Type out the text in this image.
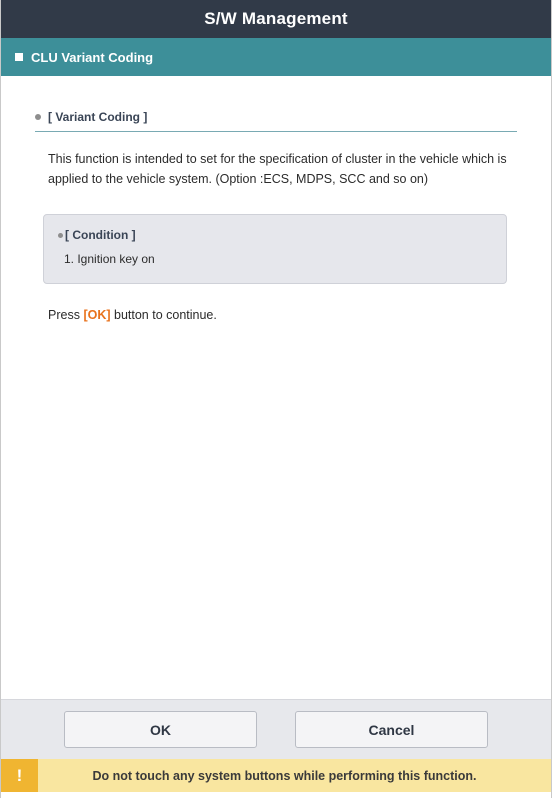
S/W Management
CLU Variant Coding
[ Variant Coding ]
This function is intended to set for the specification of cluster in the vehicle which is applied to the vehicle system. (Option :ECS, MDPS, SCC and so on)
[ Condition ]
1. Ignition key on
Press [OK] button to continue.
OK	Cancel
!	Do not touch any system buttons while performing this function.
